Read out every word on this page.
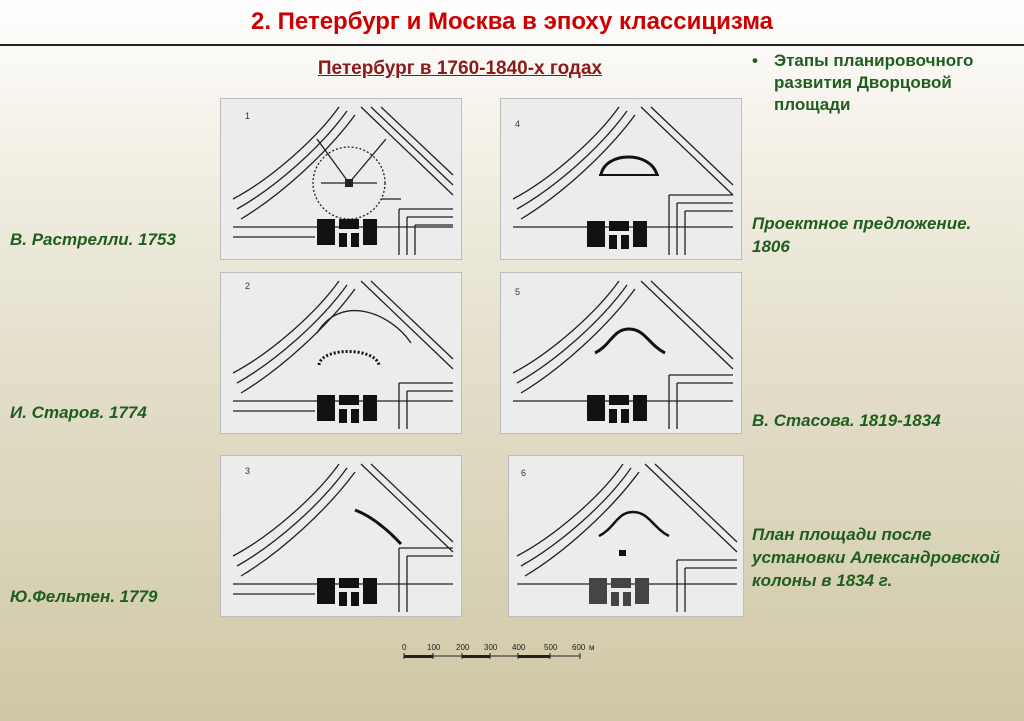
2. Петербург и Москва в эпоху классицизма
Петербург в 1760-1840-х годах	• Этапы планировочного развития Дворцовой площади
В. Растрелли. 1753
И. Старов. 1774
Ю.Фельтен. 1779
Проектное предложение. 1806
В. Стасова. 1819-1834
План площади после установки Александровской колоны в 1834 г.
1
2
3
4
5
6
0	100 200 300 400 500 600 м
